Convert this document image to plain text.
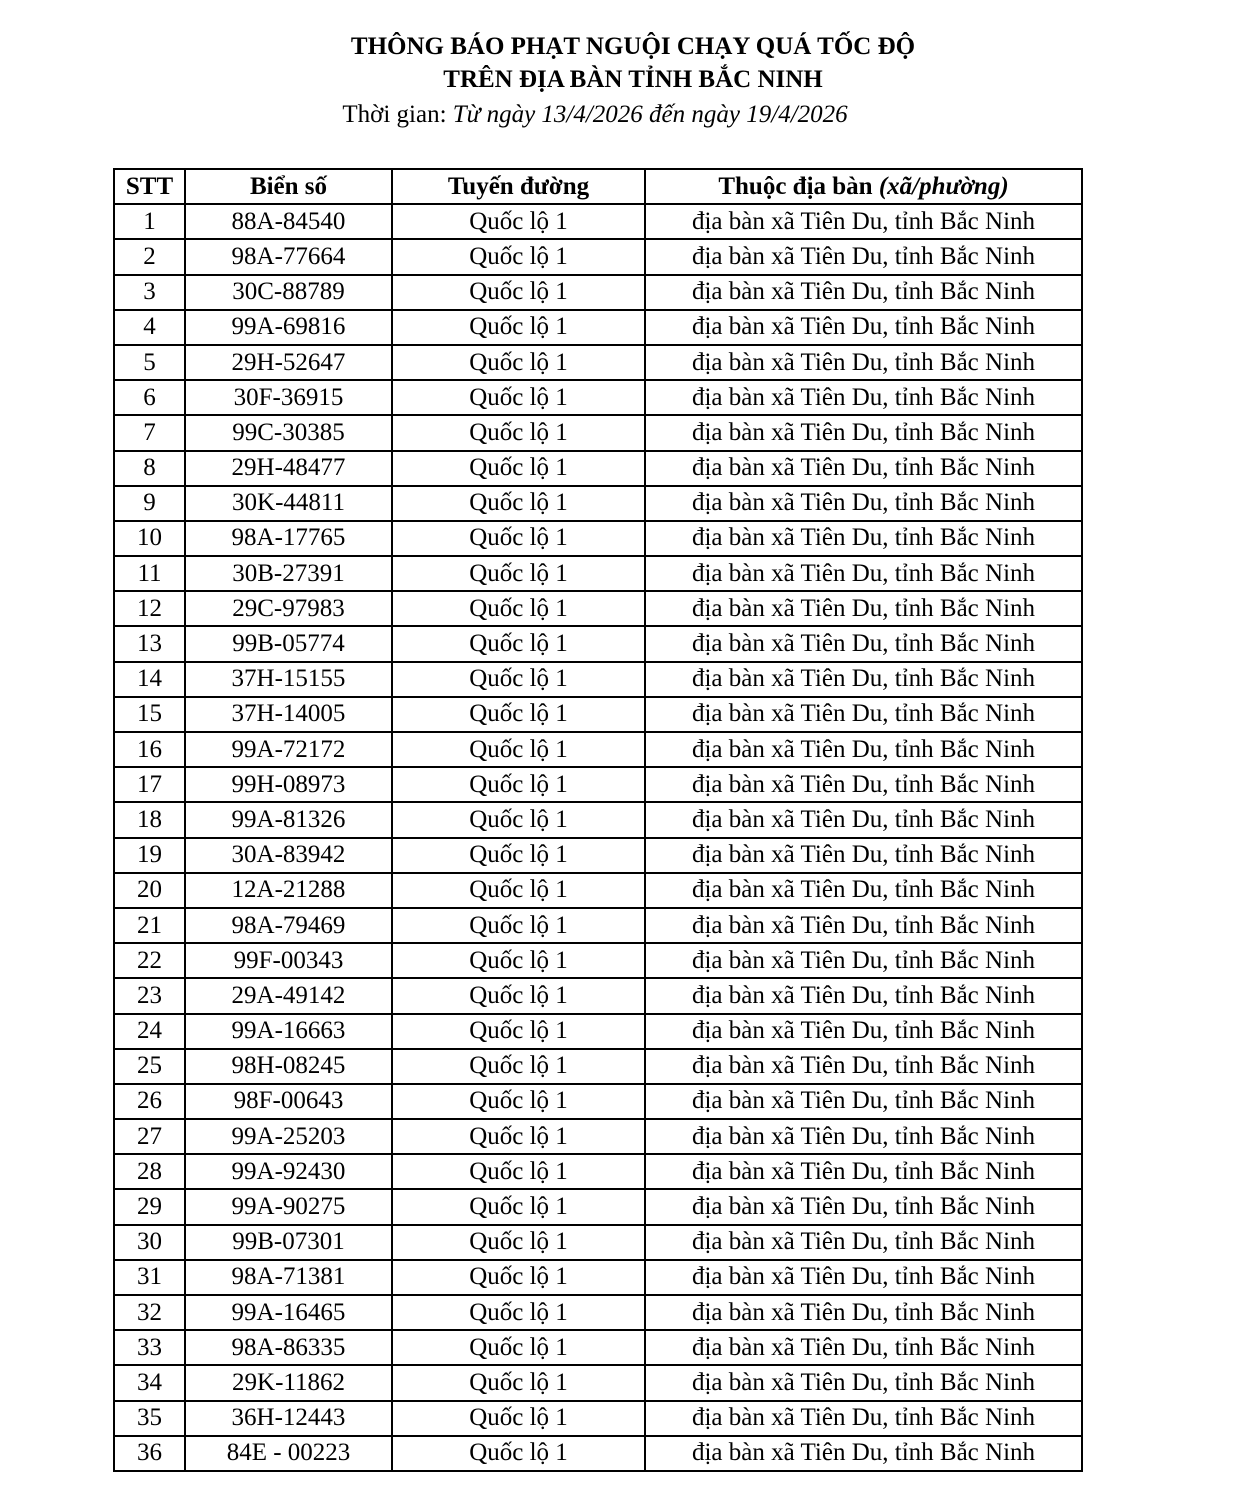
THÔNG BÁO PHẠT NGUỘI CHẠY QUÁ TỐC ĐỘ
TRÊN ĐỊA BÀN TỈNH BẮC NINH
Thời gian: Từ ngày 13/4/2026 đến ngày 19/4/2026
STT	Biển số	Tuyến đường	Thuộc địa bàn (xã/phường)
1	88A-84540	Quốc lộ 1	địa bàn xã Tiên Du, tỉnh Bắc Ninh
2	98A-77664	Quốc lộ 1	địa bàn xã Tiên Du, tỉnh Bắc Ninh
3	30C-88789	Quốc lộ 1	địa bàn xã Tiên Du, tỉnh Bắc Ninh
4	99A-69816	Quốc lộ 1	địa bàn xã Tiên Du, tỉnh Bắc Ninh
5	29H-52647	Quốc lộ 1	địa bàn xã Tiên Du, tỉnh Bắc Ninh
6	30F-36915	Quốc lộ 1	địa bàn xã Tiên Du, tỉnh Bắc Ninh
7	99C-30385	Quốc lộ 1	địa bàn xã Tiên Du, tỉnh Bắc Ninh
8	29H-48477	Quốc lộ 1	địa bàn xã Tiên Du, tỉnh Bắc Ninh
9	30K-44811	Quốc lộ 1	địa bàn xã Tiên Du, tỉnh Bắc Ninh
10	98A-17765	Quốc lộ 1	địa bàn xã Tiên Du, tỉnh Bắc Ninh
11	30B-27391	Quốc lộ 1	địa bàn xã Tiên Du, tỉnh Bắc Ninh
12	29C-97983	Quốc lộ 1	địa bàn xã Tiên Du, tỉnh Bắc Ninh
13	99B-05774	Quốc lộ 1	địa bàn xã Tiên Du, tỉnh Bắc Ninh
14	37H-15155	Quốc lộ 1	địa bàn xã Tiên Du, tỉnh Bắc Ninh
15	37H-14005	Quốc lộ 1	địa bàn xã Tiên Du, tỉnh Bắc Ninh
16	99A-72172	Quốc lộ 1	địa bàn xã Tiên Du, tỉnh Bắc Ninh
17	99H-08973	Quốc lộ 1	địa bàn xã Tiên Du, tỉnh Bắc Ninh
18	99A-81326	Quốc lộ 1	địa bàn xã Tiên Du, tỉnh Bắc Ninh
19	30A-83942	Quốc lộ 1	địa bàn xã Tiên Du, tỉnh Bắc Ninh
20	12A-21288	Quốc lộ 1	địa bàn xã Tiên Du, tỉnh Bắc Ninh
21	98A-79469	Quốc lộ 1	địa bàn xã Tiên Du, tỉnh Bắc Ninh
22	99F-00343	Quốc lộ 1	địa bàn xã Tiên Du, tỉnh Bắc Ninh
23	29A-49142	Quốc lộ 1	địa bàn xã Tiên Du, tỉnh Bắc Ninh
24	99A-16663	Quốc lộ 1	địa bàn xã Tiên Du, tỉnh Bắc Ninh
25	98H-08245	Quốc lộ 1	địa bàn xã Tiên Du, tỉnh Bắc Ninh
26	98F-00643	Quốc lộ 1	địa bàn xã Tiên Du, tỉnh Bắc Ninh
27	99A-25203	Quốc lộ 1	địa bàn xã Tiên Du, tỉnh Bắc Ninh
28	99A-92430	Quốc lộ 1	địa bàn xã Tiên Du, tỉnh Bắc Ninh
29	99A-90275	Quốc lộ 1	địa bàn xã Tiên Du, tỉnh Bắc Ninh
30	99B-07301	Quốc lộ 1	địa bàn xã Tiên Du, tỉnh Bắc Ninh
31	98A-71381	Quốc lộ 1	địa bàn xã Tiên Du, tỉnh Bắc Ninh
32	99A-16465	Quốc lộ 1	địa bàn xã Tiên Du, tỉnh Bắc Ninh
33	98A-86335	Quốc lộ 1	địa bàn xã Tiên Du, tỉnh Bắc Ninh
34	29K-11862	Quốc lộ 1	địa bàn xã Tiên Du, tỉnh Bắc Ninh
35	36H-12443	Quốc lộ 1	địa bàn xã Tiên Du, tỉnh Bắc Ninh
36	84E - 00223	Quốc lộ 1	địa bàn xã Tiên Du, tỉnh Bắc Ninh
